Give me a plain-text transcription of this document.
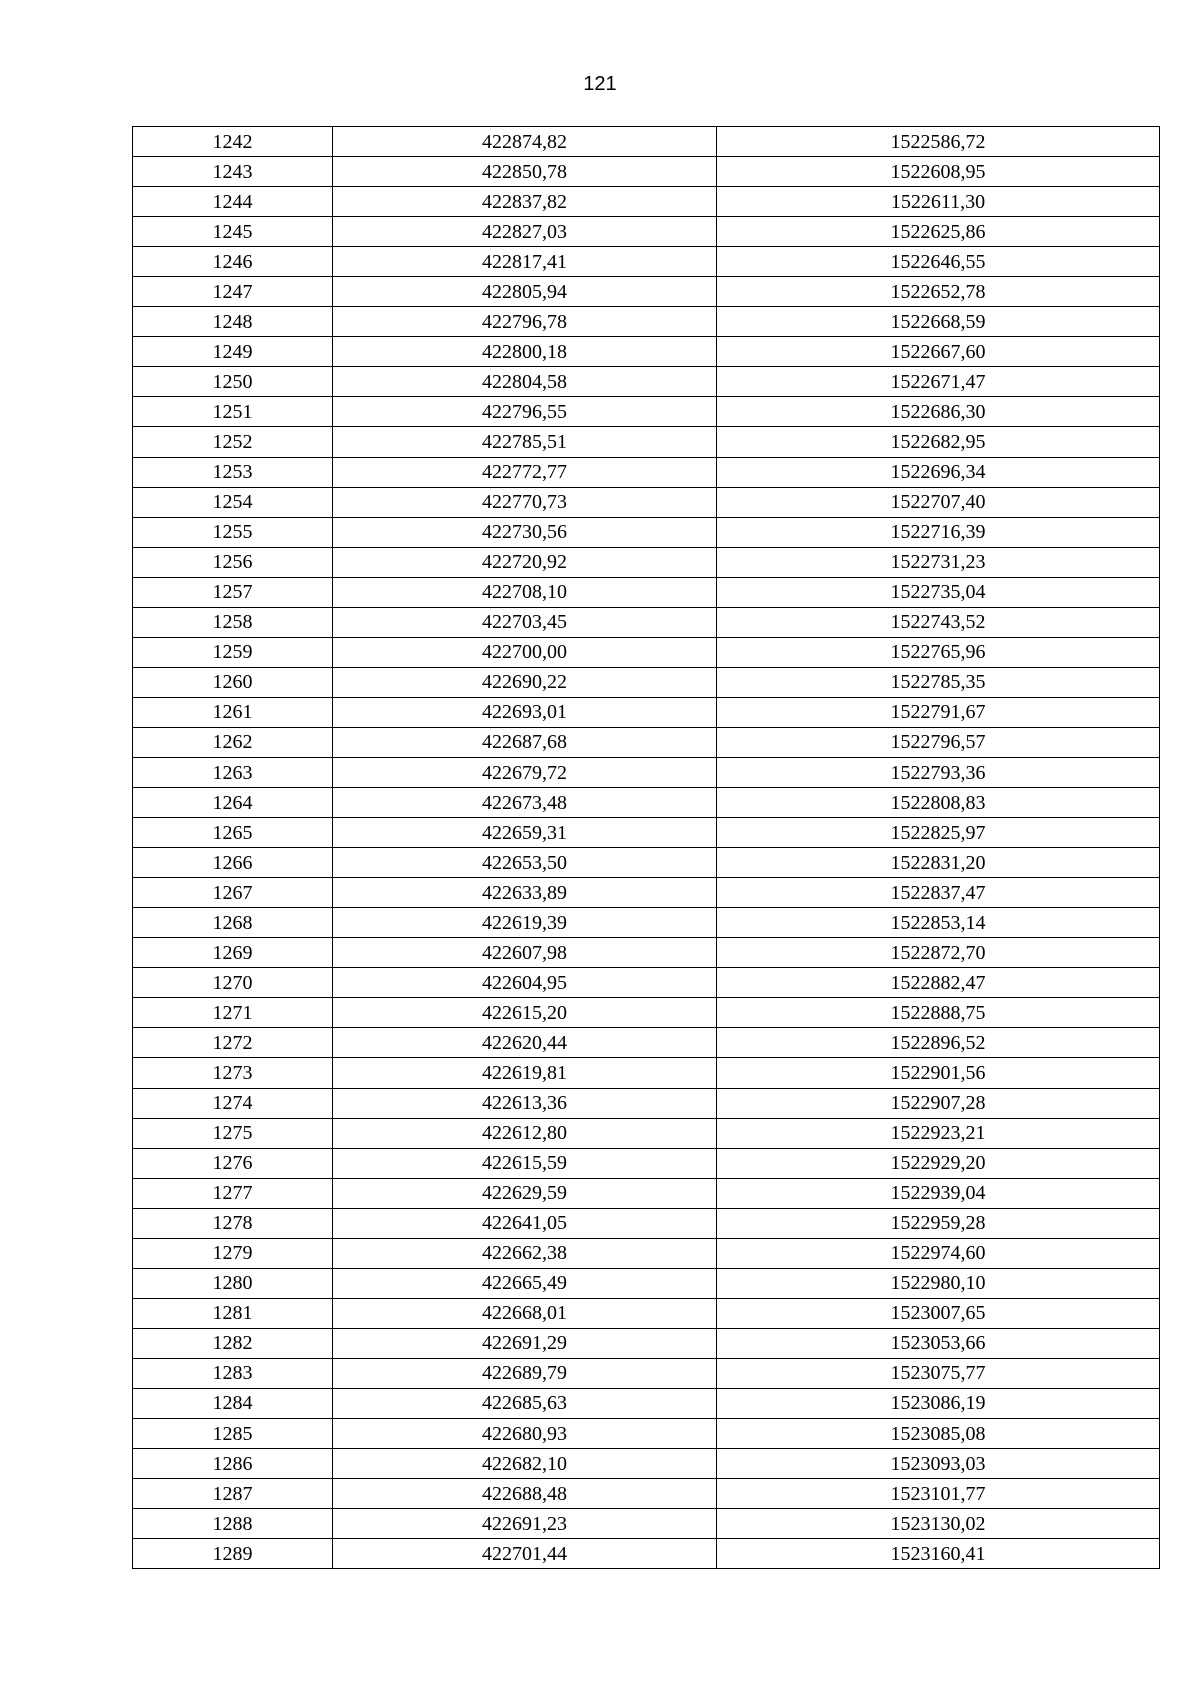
121
1242	422874,82	1522586,72
1243	422850,78	1522608,95
1244	422837,82	1522611,30
1245	422827,03	1522625,86
1246	422817,41	1522646,55
1247	422805,94	1522652,78
1248	422796,78	1522668,59
1249	422800,18	1522667,60
1250	422804,58	1522671,47
1251	422796,55	1522686,30
1252	422785,51	1522682,95
1253	422772,77	1522696,34
1254	422770,73	1522707,40
1255	422730,56	1522716,39
1256	422720,92	1522731,23
1257	422708,10	1522735,04
1258	422703,45	1522743,52
1259	422700,00	1522765,96
1260	422690,22	1522785,35
1261	422693,01	1522791,67
1262	422687,68	1522796,57
1263	422679,72	1522793,36
1264	422673,48	1522808,83
1265	422659,31	1522825,97
1266	422653,50	1522831,20
1267	422633,89	1522837,47
1268	422619,39	1522853,14
1269	422607,98	1522872,70
1270	422604,95	1522882,47
1271	422615,20	1522888,75
1272	422620,44	1522896,52
1273	422619,81	1522901,56
1274	422613,36	1522907,28
1275	422612,80	1522923,21
1276	422615,59	1522929,20
1277	422629,59	1522939,04
1278	422641,05	1522959,28
1279	422662,38	1522974,60
1280	422665,49	1522980,10
1281	422668,01	1523007,65
1282	422691,29	1523053,66
1283	422689,79	1523075,77
1284	422685,63	1523086,19
1285	422680,93	1523085,08
1286	422682,10	1523093,03
1287	422688,48	1523101,77
1288	422691,23	1523130,02
1289	422701,44	1523160,41
